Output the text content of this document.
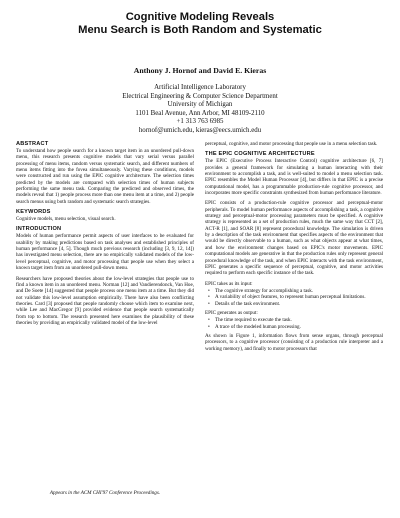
Cognitive Modeling Reveals
Menu Search is Both Random and Systematic
Anthony J. Hornof and David E. Kieras
Artificial Intelligence Laboratory
Electrical Engineering & Computer Science Department
University of Michigan
1101 Beal Avenue, Ann Arbor, MI 48109-2110
+1 313 763 6985
hornof@umich.edu, kieras@eecs.umich.edu
ABSTRACT
To understand how people search for a known target item in an unordered pull-down menu, this research presents cognitive models that vary serial versus parallel processing of menu items, random versus systematic search, and different numbers of menu items fitting into the fovea simultaneously. Varying these conditions, models were constructed and run using the EPIC cognitive architecture. The selection times predicted by the models are compared with selection times of human subjects performing the same menu task. Comparing the predicted and observed times, the models reveal that 1) people process more than one menu item at a time, and 2) people search menus using both random and systematic search strategies.
KEYWORDS
Cognitive models, menu selection, visual search.
INTRODUCTION
Models of human performance permit aspects of user interfaces to be evaluated for usability by making predictions based on task analyses and established principles of human performance [4, 5]. Though much previous research (including [3, 9, 12, 14]) has investigated menu selection, there are no empirically validated models of the low-level perceptual, cognitive, and motor processing that people use when they select a known target item from an unordered pull-down menu.
Researchers have proposed theories about the low-level strategies that people use to find a known item in an unordered menu. Norman [12] and Vandierendonck, Van Hoe, and De Soete [14] suggested that people process one menu item at a time. But they did not validate this low-level assumption empirically. There have also been conflicting theories. Card [3] proposed that people randomly choose which item to examine next, while Lee and MacGregor [9] provided evidence that people search systematically from top to bottom. The research presented here examines the plausibility of these theories by providing an empirically validated model of the low-level
Appears in the ACM CHI'97 Conference Proceedings.
perceptual, cognitive, and motor processing that people use in a menu selection task.
THE EPIC COGNITIVE ARCHITECTURE
The EPIC (Executive Process Interactive Control) cognitive architecture [6, 7] provides a general framework for simulating a human interacting with their environment to accomplish a task, and is well-suited to model a menu selection task. EPIC resembles the Model Human Processor [4], but differs in that EPIC is a precise computational model, has a programmable production-rule cognitive processor, and incorporates more specific constraints synthesized from human performance literature.
EPIC consists of a production-rule cognitive processor and perceptual-motor peripherals. To model human performance aspects of accomplishing a task, a cognitive strategy and perceptual-motor processing parameters must be specified. A cognitive strategy is represented as a set of production rules, much the same way that CCT [2], ACT-R [1], and SOAR [8] represent procedural knowledge. The simulation is driven by a description of the task environment that specifies aspects of the environment that would be directly observable to a human, such as what objects appear at what times, and how the environment changes based on EPIC's motor movements. EPIC computational models are generative in that the production rules only represent general procedural knowledge of the task, and when EPIC interacts with the task environment, EPIC generates a specific sequence of perceptual, cognitive, and motor activities required to perform each specific instance of the task.
EPIC takes as its input:
• The cognitive strategy for accomplishing a task.
• A variability of object features, to represent human perceptual limitations.
• Details of the task environment.
EPIC generates as output:
• The time required to execute the task.
• A trace of the modeled human processing.
As shown in Figure 1, information flows from sense organs, through perceptual processors, to a cognitive processor (consisting of a production rule interpreter and a working memory), and finally to motor processors that
